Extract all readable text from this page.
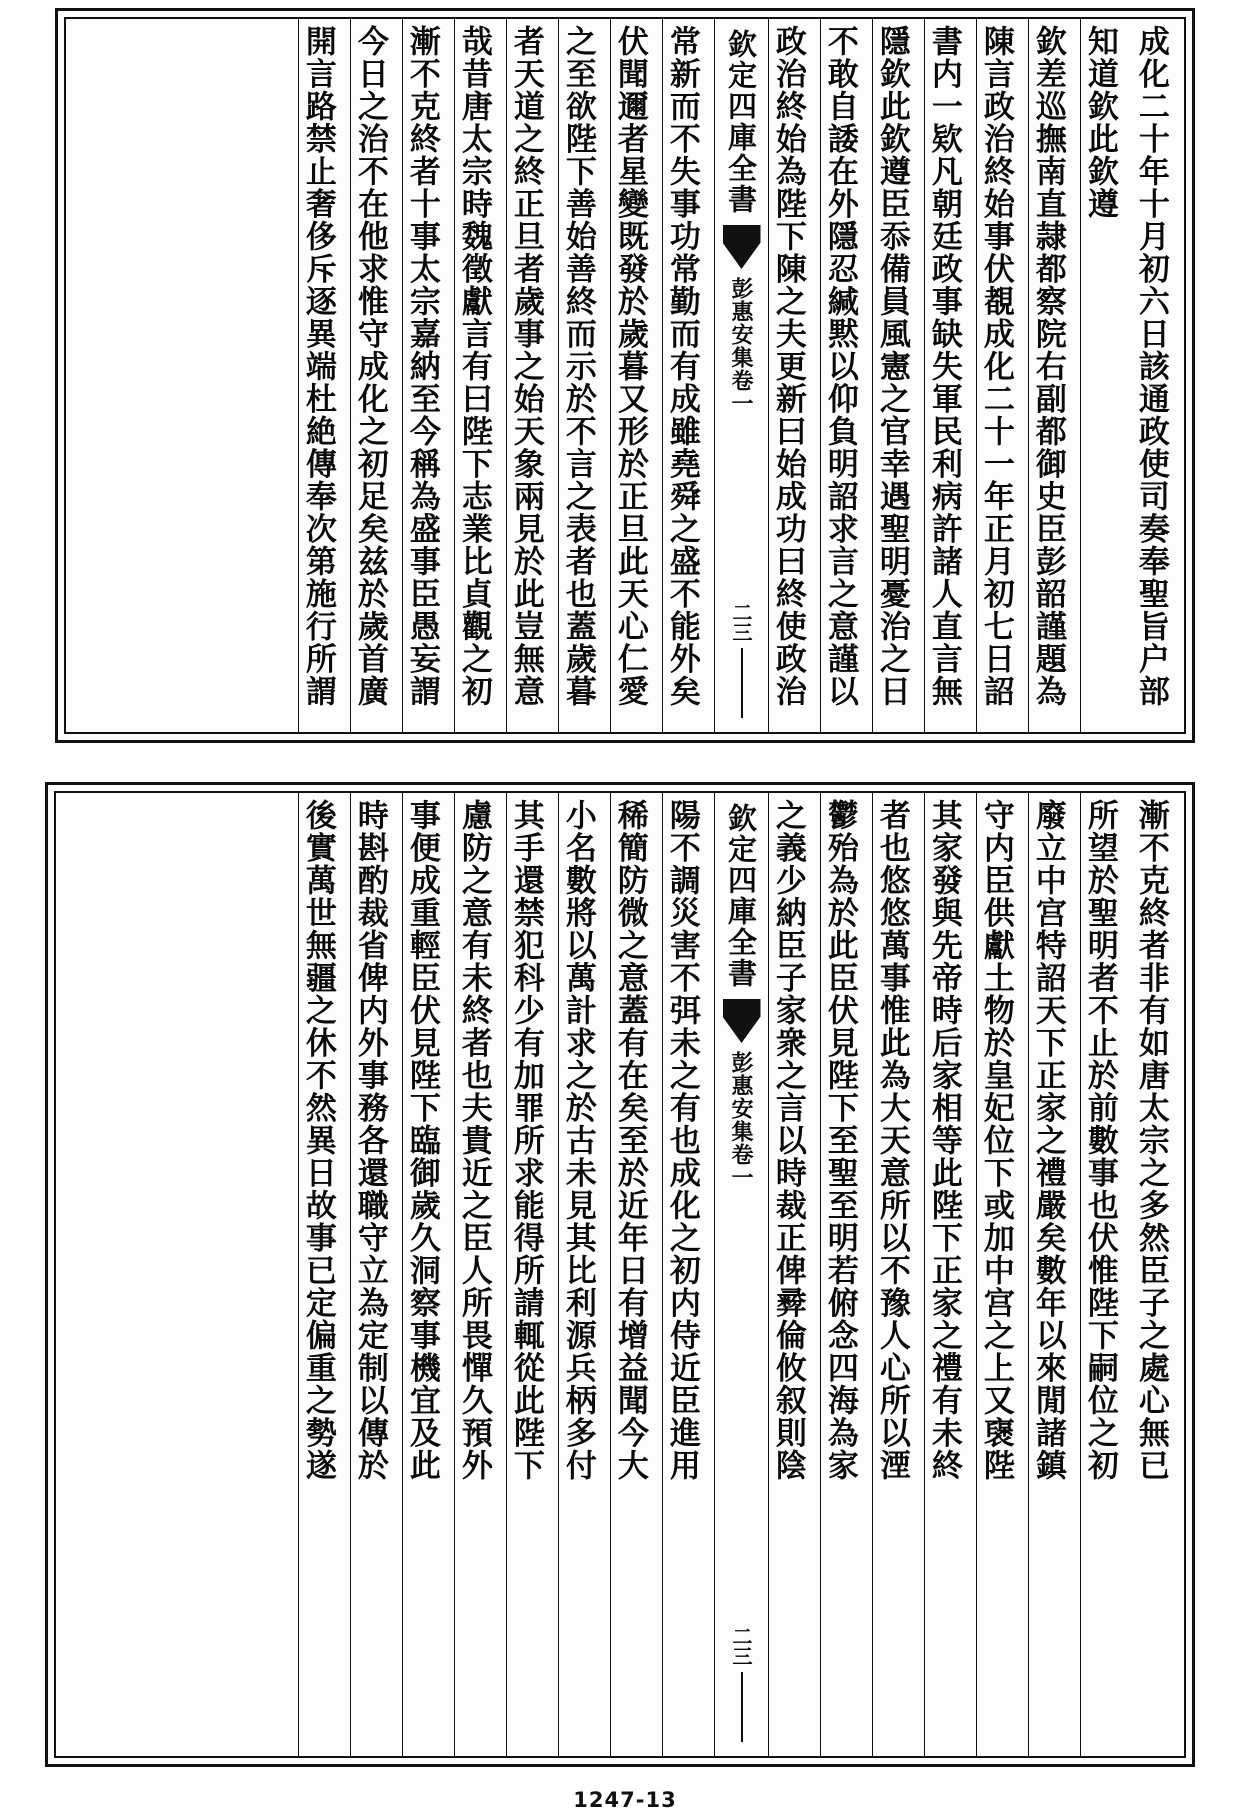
成化二十年十月初六日該通政使司奏奉聖旨户部
知道欽此欽遵
欽差巡撫南直隷都察院右副都御史臣彭韶謹題為
陳言政治終始事伏覩成化二十一年正月初七日詔
書内一欵凡朝廷政事缺失軍民利病許諸人直言無
隱欽此欽遵臣忝備員風憲之官幸遇聖明憂治之日
不敢自諉在外隱忍緘黙以仰負明詔求言之意謹以
政治終始為陛下陳之夫更新曰始成功曰終使政治
欽定四庫全書
彭惠安集
卷一
二三
常新而不失事功常勤而有成雖堯舜之盛不能外矣
伏聞邇者星變既發於歲暮又形於正旦此天心仁愛
之至欲陛下善始善終而示於不言之表者也蓋歲暮
者天道之終正旦者歲事之始天象兩見於此豈無意
哉昔唐太宗時魏徵獻言有曰陛下志業比貞觀之初
漸不克終者十事太宗嘉納至今稱為盛事臣愚妄謂
今日之治不在他求惟守成化之初足矣兹於歲首廣
開言路禁止奢侈斥逐異端杜絶傳奉次第施行所謂
漸不克終者非有如唐太宗之多然臣子之處心無已
所望於聖明者不止於前數事也伏惟陛下嗣位之初
廢立中宫特詔天下正家之禮嚴矣數年以來閒諸鎮
守内臣供獻土物於皇妃位下或加中宫之上又襃陛
其家發與先帝時后家相等此陛下正家之禮有未終
者也悠悠萬事惟此為大天意所以不豫人心所以湮
鬱殆為於此臣伏見陛下至聖至明若俯念四海為家
之義少納臣子家衆之言以時裁正俾彛倫攸叙則陰
欽定四庫全書
彭惠安集
卷一
二三
陽不調災害不弭未之有也成化之初内侍近臣進用
稀簡防微之意蓋有在矣至於近年日有增益聞今大
小名數將以萬計求之於古未見其比利源兵柄多付
其手還禁犯科少有加罪所求能得所請輒從此陛下
慮防之意有未終者也夫貴近之臣人所畏憚久預外
事便成重輕臣伏見陛下臨御歲久洞察事機宜及此
時斟酌裁省俾内外事務各還職守立為定制以傳於
後實萬世無疆之休不然異日故事已定偏重之勢遂
1247-13
